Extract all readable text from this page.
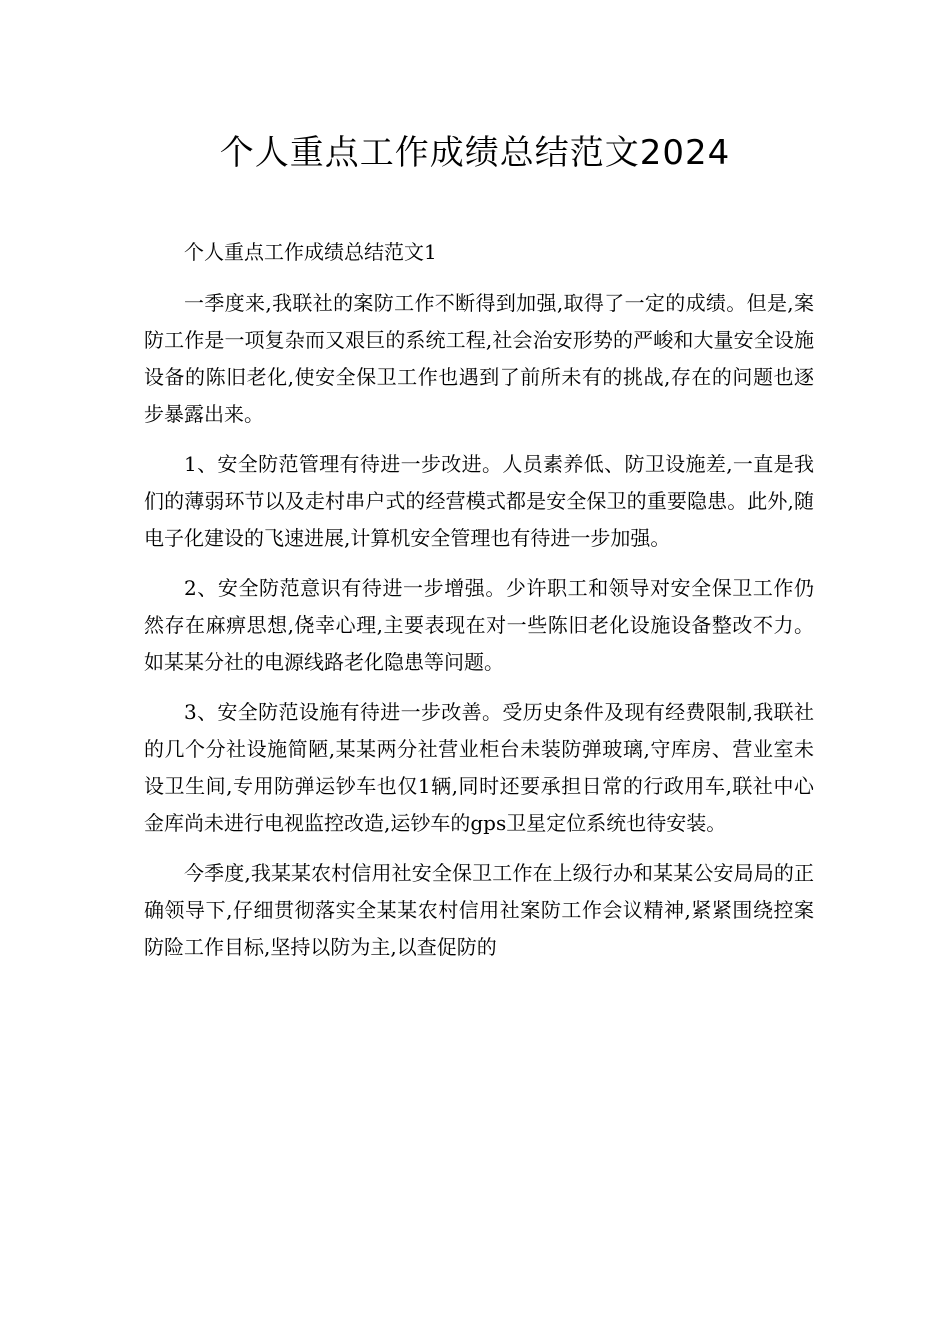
个人重点工作成绩总结范文2024

个人重点工作成绩总结范文1

一季度来,我联社的案防工作不断得到加强,取得了一定的成绩。但是,案防工作是一项复杂而又艰巨的系统工程,社会治安形势的严峻和大量安全设施设备的陈旧老化,使安全保卫工作也遇到了前所未有的挑战,存在的问题也逐步暴露出来。

1、安全防范管理有待进一步改进。人员素养低、防卫设施差,一直是我们的薄弱环节以及走村串户式的经营模式都是安全保卫的重要隐患。此外,随电子化建设的飞速进展,计算机安全管理也有待进一步加强。

2、安全防范意识有待进一步增强。少许职工和领导对安全保卫工作仍然存在麻痹思想,侥幸心理,主要表现在对一些陈旧老化设施设备整改不力。如某某分社的电源线路老化隐患等问题。

3、安全防范设施有待进一步改善。受历史条件及现有经费限制,我联社的几个分社设施简陋,某某两分社营业柜台未装防弹玻璃,守库房、营业室未设卫生间,专用防弹运钞车也仅1辆,同时还要承担日常的行政用车,联社中心金库尚未进行电视监控改造,运钞车的gps卫星定位系统也待安装。

今季度,我某某农村信用社安全保卫工作在上级行办和某某公安局局的正确领导下,仔细贯彻落实全某某农村信用社案防工作会议精神,紧紧围绕控案防险工作目标,坚持以防为主,以查促防的
